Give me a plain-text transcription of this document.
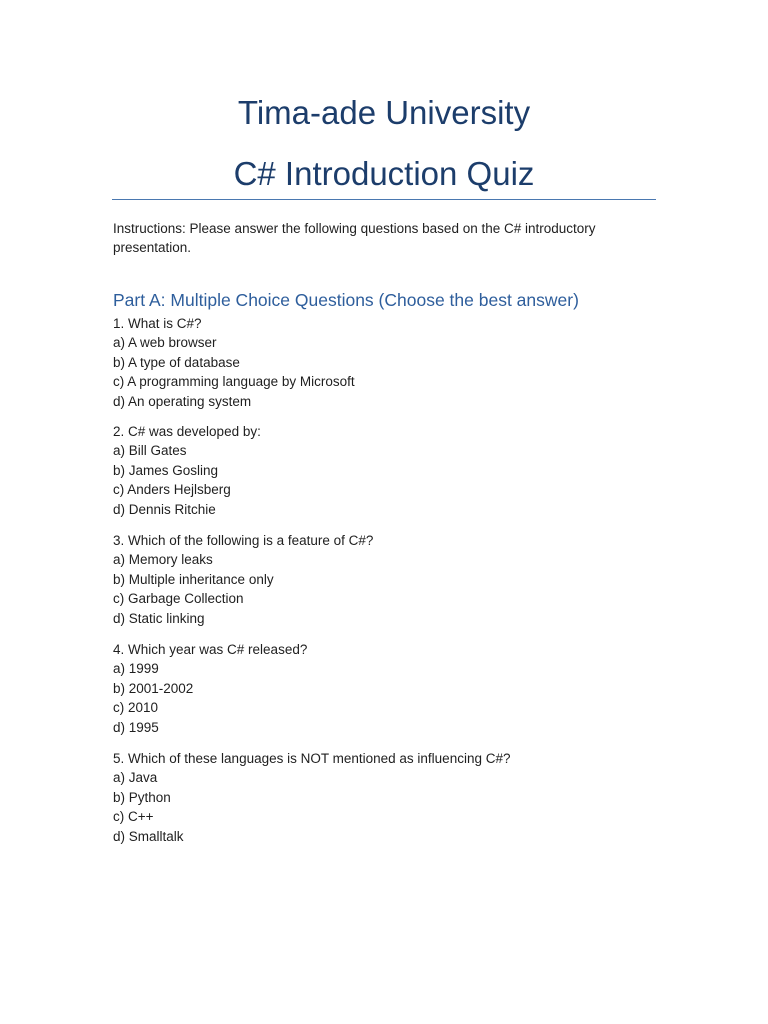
Tima-ade University
C# Introduction Quiz
Instructions: Please answer the following questions based on the C# introductory presentation.
Part A: Multiple Choice Questions (Choose the best answer)
1. What is C#?
a) A web browser
b) A type of database
c) A programming language by Microsoft
d) An operating system
2. C# was developed by:
a) Bill Gates
b) James Gosling
c) Anders Hejlsberg
d) Dennis Ritchie
3. Which of the following is a feature of C#?
a) Memory leaks
b) Multiple inheritance only
c) Garbage Collection
d) Static linking
4. Which year was C# released?
a) 1999
b) 2001-2002
c) 2010
d) 1995
5. Which of these languages is NOT mentioned as influencing C#?
a) Java
b) Python
c) C++
d) Smalltalk
